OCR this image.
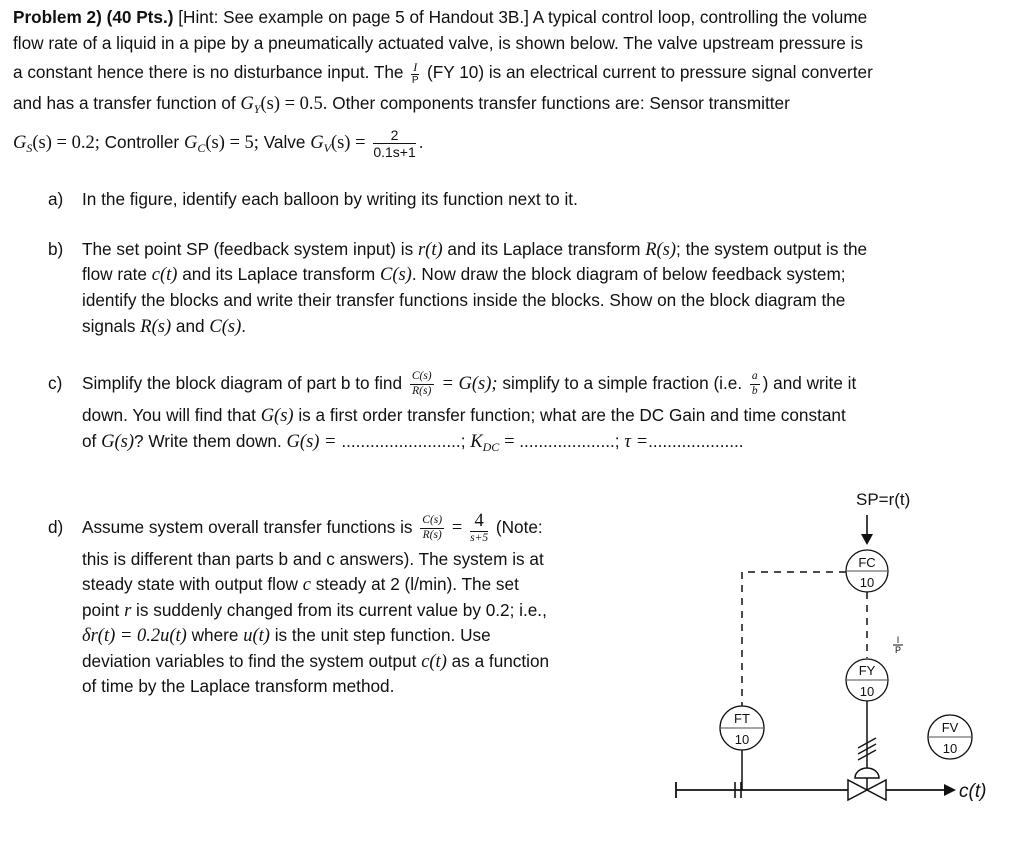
Problem 2) (40 Pts.) [Hint: See example on page 5 of Handout 3B.] A typical control loop, controlling the volume
flow rate of a liquid in a pipe by a pneumatically actuated valve, is shown below. The valve upstream pressure is
a constant hence there is no disturbance input. The $\frac{I}{P} (FY$ 10) is an electrical current to pressure signal converter
and has a transfer function of $G_Y(s) = 0.5$. Other components transfer functions are: Sensor transmitter
$G_S(s) = 0.2$; Controller $G_C(s) = 5$; Valve $G_V(s) = \frac{2}{0.1s+1}$ .
a) In the figure, identify each balloon by writing its function next to it.
b) The set point SP (feedback system input) is r(t) and its Laplace transform R(s); the system output is the
flow rate c(t) and its Laplace transform C(s). Now draw the block diagram of below feedback system;
identify the blocks and write their transfer functions inside the blocks. Show on the block diagram the
signals R(s) and C(s).
c) Simplify the block diagram of part b to find $\frac{C(s)}{R(s)} = G(s)$; simplify to a simple fraction (i.e. $\frac{a}{b}$ ) and write it
down. You will find that G(s) is a first order transfer function; what are the DC Gain and time constant
of G(s)? Write them down. G(s) = .........................; $K_{DC}$ = ....................; τ =....................
d) Assume system overall transfer functions is $\frac{C(s)}{R(s)} = \frac{4}{s+5}$ (Note:
this is different than parts b and c answers). The system is at
steady state with output flow c steady at 2 (l/min). The set
point r is suddenly changed from its current value by 0.2; i.e.,
δr(t) = 0.2u(t) where u(t) is the unit step function. Use
deviation variables to find the system output c(t) as a function
of time by the Laplace transform method.
SP=r(t)
FC
10
I
P
FY
10
FT
10
FV
10
c(t)
